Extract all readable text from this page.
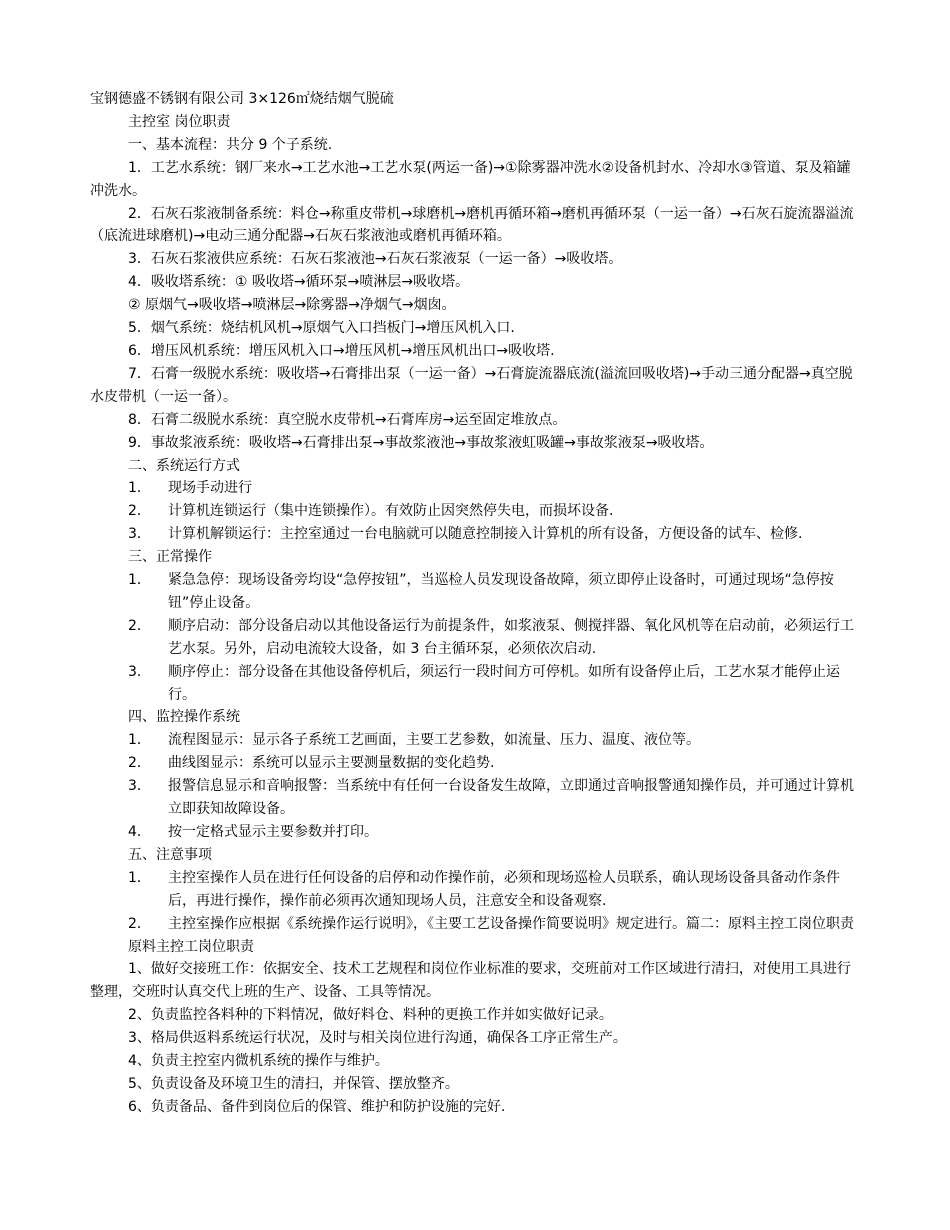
宝钢德盛不锈钢有限公司 3×126㎡烧结烟气脱硫

主控室 岗位职责

一、基本流程：共分 9 个子系统.

1．工艺水系统：钢厂来水→工艺水池→工艺水泵(两运一备)→①除雾器冲洗水②设备机封水、冷却水③管道、泵及箱罐冲洗水。

2．石灰石浆液制备系统：料仓→称重皮带机→球磨机→磨机再循环箱→磨机再循环泵（一运一备）→石灰石旋流器溢流（底流进球磨机)→电动三通分配器→石灰石浆液池或磨机再循环箱。

3．石灰石浆液供应系统：石灰石浆液池→石灰石浆液泵（一运一备）→吸收塔。

4．吸收塔系统：① 吸收塔→循环泵→喷淋层→吸收塔。

② 原烟气→吸收塔→喷淋层→除雾器→净烟气→烟囱。

5．烟气系统：烧结机风机→原烟气入口挡板门→增压风机入口.

6．增压风机系统：增压风机入口→增压风机→增压风机出口→吸收塔.

7．石膏一级脱水系统：吸收塔→石膏排出泵（一运一备）→石膏旋流器底流(溢流回吸收塔)→手动三通分配器→真空脱水皮带机（一运一备）。

8．石膏二级脱水系统：真空脱水皮带机→石膏库房→运至固定堆放点。

9．事故浆液系统：吸收塔→石膏排出泵→事故浆液池→事故浆液虹吸罐→事故浆液泵→吸收塔。

二、系统运行方式

1． 现场手动进行

2． 计算机连锁运行（集中连锁操作）。有效防止因突然停失电，而损坏设备.

3． 计算机解锁运行：主控室通过一台电脑就可以随意控制接入计算机的所有设备，方便设备的试车、检修.

三、正常操作

1． 紧急急停：现场设备旁均设“急停按钮”，当巡检人员发现设备故障，须立即停止设备时，可通过现场“急停按钮”停止设备。

2． 顺序启动：部分设备启动以其他设备运行为前提条件，如浆液泵、侧搅拌器、氧化风机等在启动前，必须运行工艺水泵。另外，启动电流较大设备，如 3 台主循环泵，必须依次启动.

3． 顺序停止：部分设备在其他设备停机后，须运行一段时间方可停机。如所有设备停止后，工艺水泵才能停止运行。

四、监控操作系统

1． 流程图显示：显示各子系统工艺画面，主要工艺参数，如流量、压力、温度、液位等。

2． 曲线图显示：系统可以显示主要测量数据的变化趋势.

3． 报警信息显示和音响报警：当系统中有任何一台设备发生故障，立即通过音响报警通知操作员，并可通过计算机立即获知故障设备。

4． 按一定格式显示主要参数并打印。

五、注意事项

1． 主控室操作人员在进行任何设备的启停和动作操作前，必须和现场巡检人员联系，确认现场设备具备动作条件后，再进行操作，操作前必须再次通知现场人员，注意安全和设备观察.

2． 主控室操作应根据《系统操作运行说明》，《主要工艺设备操作简要说明》规定进行。篇二：原料主控工岗位职责

原料主控工岗位职责

1、做好交接班工作：依据安全、技术工艺规程和岗位作业标准的要求，交班前对工作区域进行清扫，对使用工具进行整理，交班时认真交代上班的生产、设备、工具等情况。

2、负责监控各料种的下料情况，做好料仓、料种的更换工作并如实做好记录。

3、格局供返料系统运行状况，及时与相关岗位进行沟通，确保各工序正常生产。

4、负责主控室内微机系统的操作与维护。

5、负责设备及环境卫生的清扫，并保管、摆放整齐。

6、负责备品、备件到岗位后的保管、维护和防护设施的完好.
